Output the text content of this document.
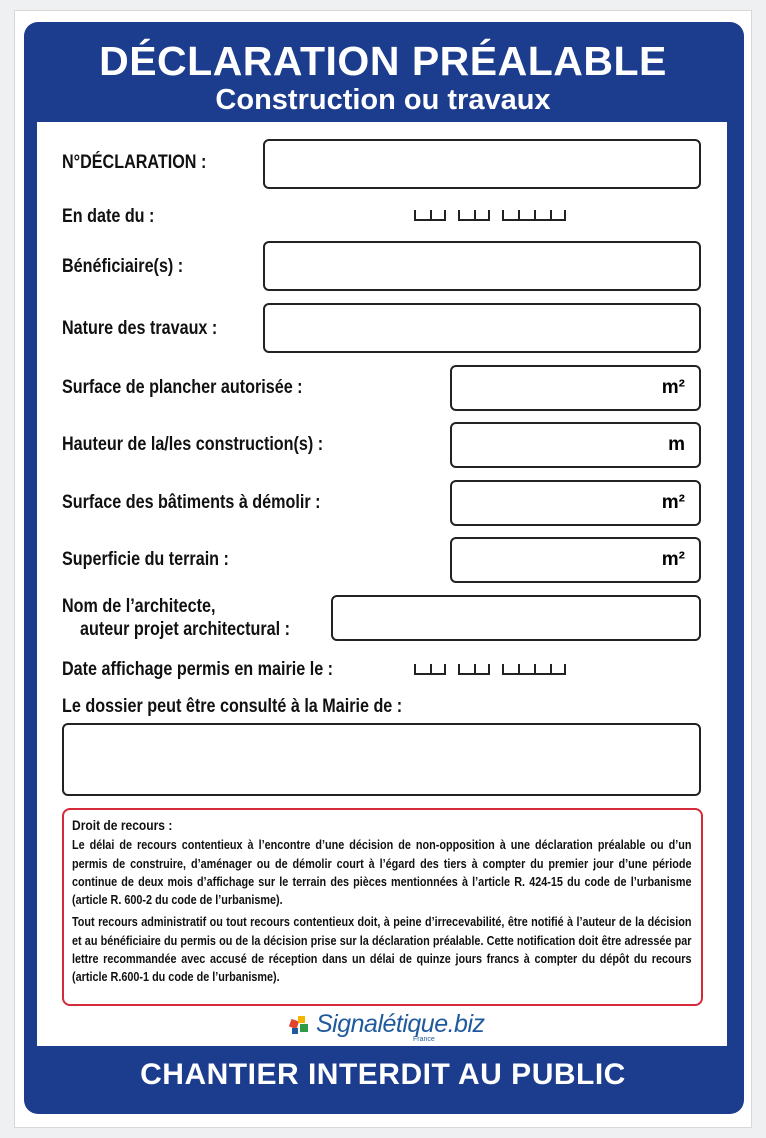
DÉCLARATION PRÉALABLE
Construction ou travaux
N°DÉCLARATION :
En date du :
Bénéficiaire(s) :
Nature des travaux :
Surface de plancher autorisée :	m²
Hauteur de la/les construction(s) :	m
Surface des bâtiments à démolir :	m²
Superficie du terrain :	m²
Nom de l’architecte,
auteur projet architectural :
Date affichage permis en mairie le :
Le dossier peut être consulté à la Mairie de :

Droit de recours :

Le délai de recours contentieux à l’encontre d’une décision de non-opposition à une déclaration préalable ou d’un permis de construire, d’aménager ou de démolir court à l’égard des tiers à compter du premier jour d’une période continue de deux mois d’affichage sur le terrain des pièces mentionnées à l’article R. 424-15 du code de l’urbanisme (article R. 600-2 du code de l’urbanisme).

Tout recours administratif ou tout recours contentieux doit, à peine d’irrecevabilité, être notifié à l’auteur de la décision et au bénéficiaire du permis ou de la décision prise sur la déclaration préalable. Cette notification doit être adressée par lettre recommandée avec accusé de réception dans un délai de quinze jours francs à compter du dépôt du recours (article R.600-1 du code de l’urbanisme).

Signalétique.biz
France
CHANTIER INTERDIT AU PUBLIC
